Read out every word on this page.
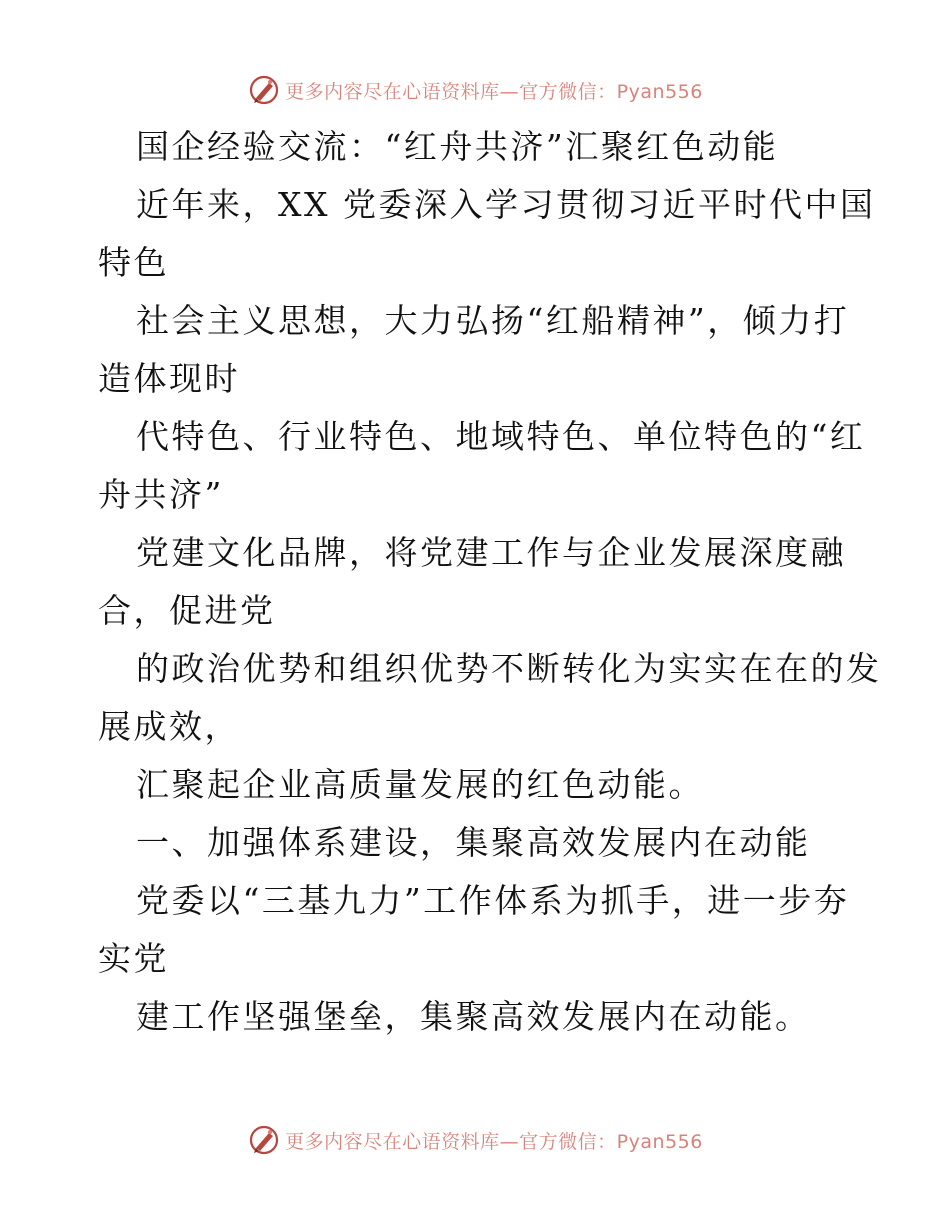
更多内容尽在心语资料库—官方微信：Pyan556
国企经验交流：“红舟共济”汇聚红色动能
近年来，XX 党委深入学习贯彻习近平时代中国
特色
社会主义思想，大力弘扬“红船精神”，倾力打
造体现时
代特色、行业特色、地域特色、单位特色的“红
舟共济”
党建文化品牌，将党建工作与企业发展深度融
合，促进党
的政治优势和组织优势不断转化为实实在在的发
展成效，
汇聚起企业高质量发展的红色动能。
一、加强体系建设，集聚高效发展内在动能
党委以“三基九力”工作体系为抓手，进一步夯
实党
建工作坚强堡垒，集聚高效发展内在动能。
更多内容尽在心语资料库—官方微信：Pyan556
